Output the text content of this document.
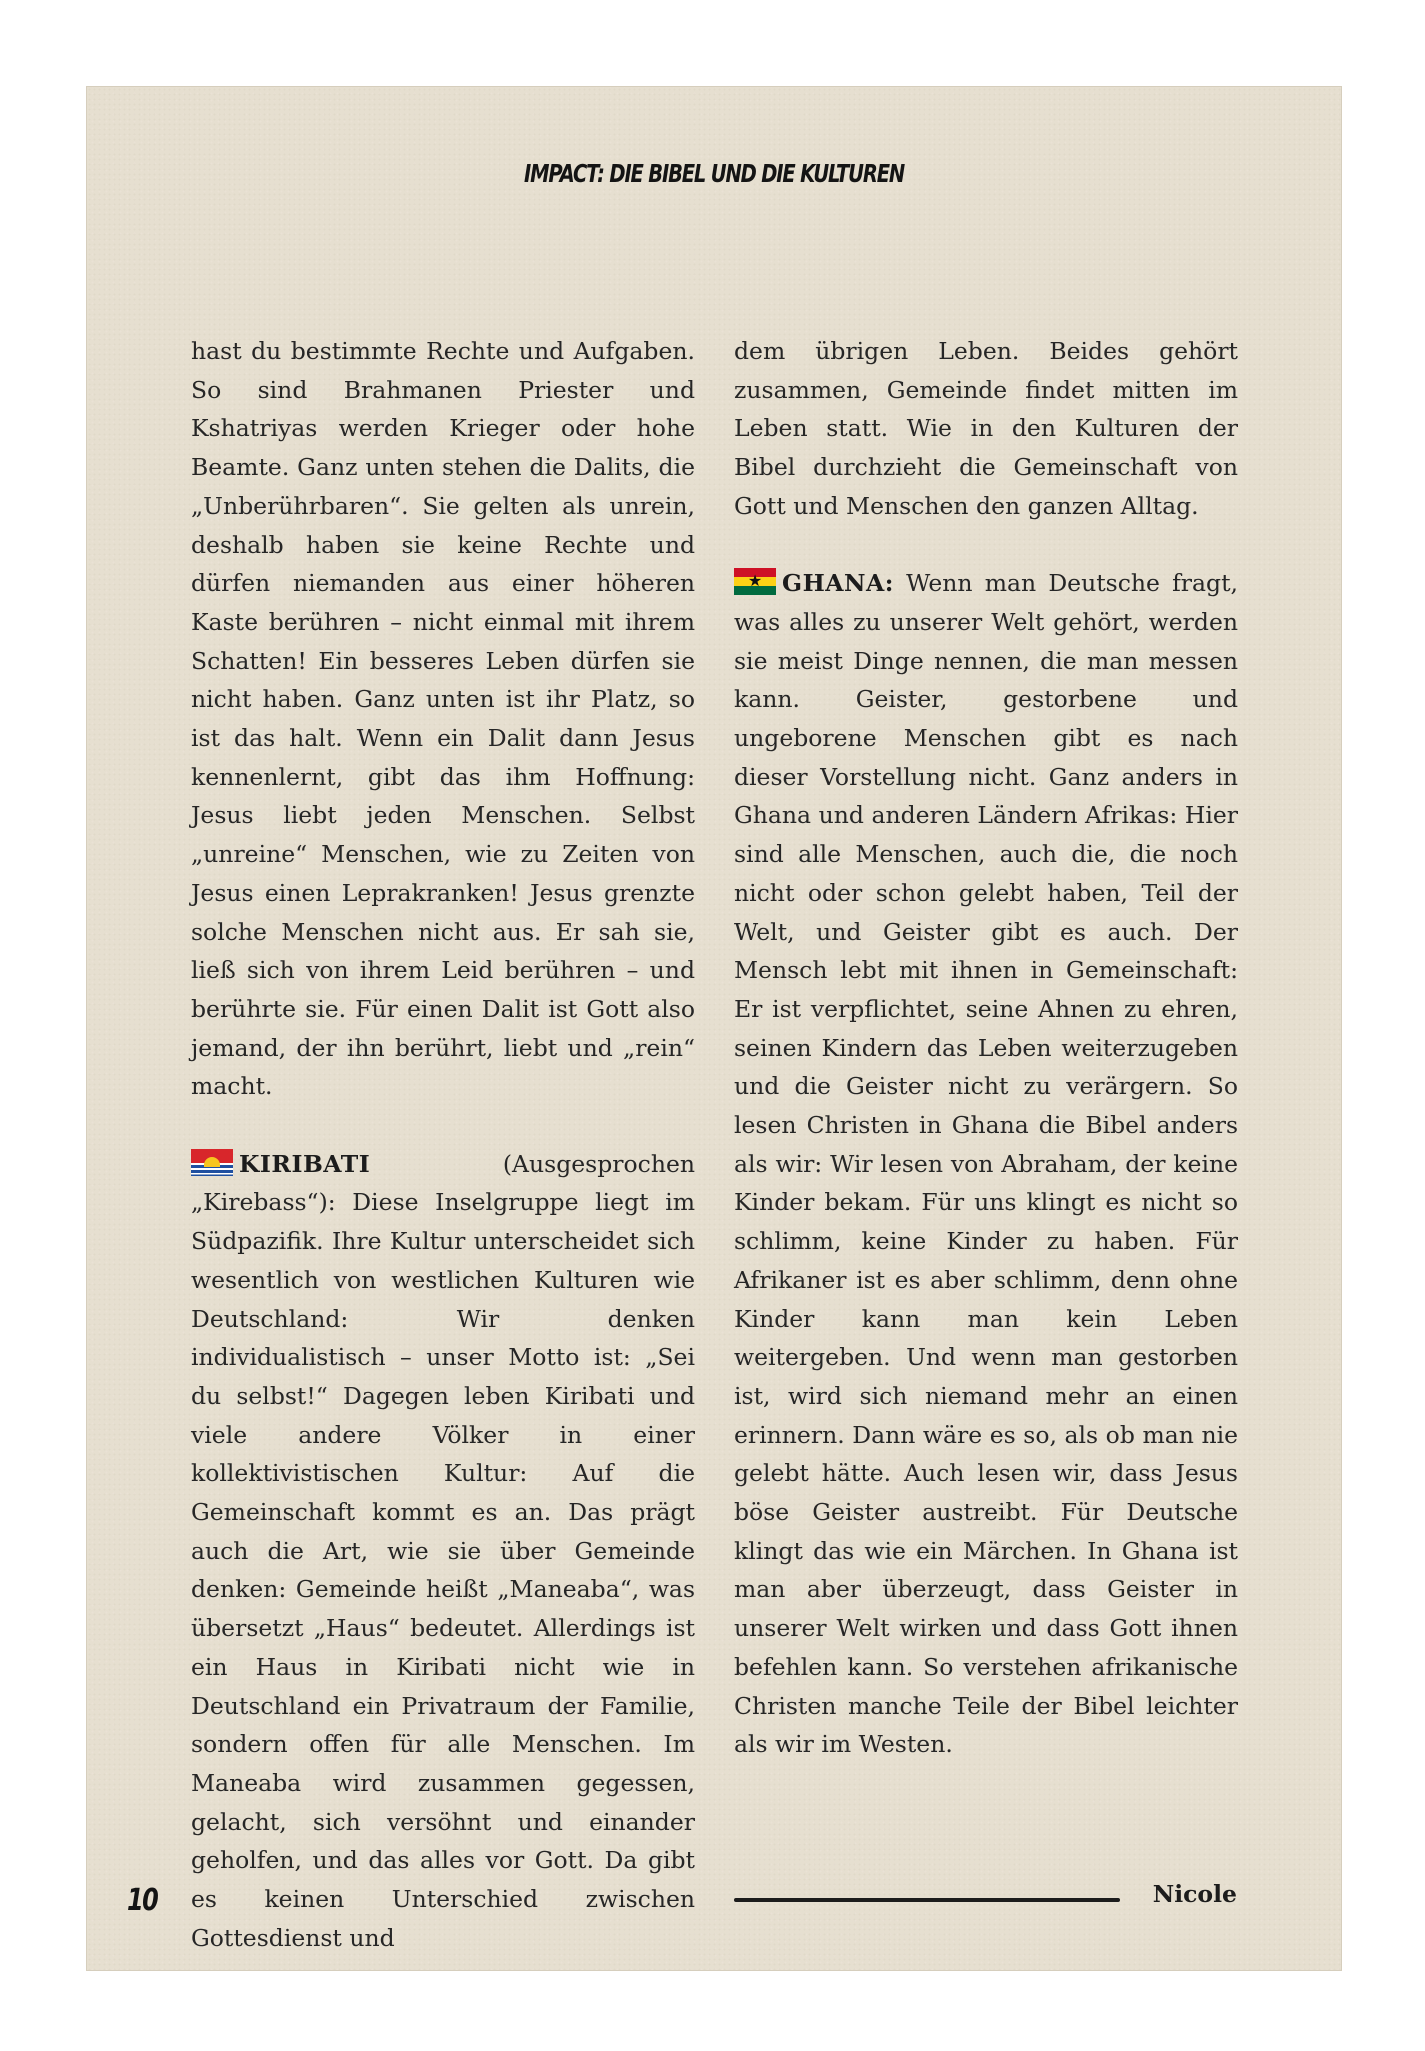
IMPACT: DIE BIBEL UND DIE KULTUREN

hast du bestimmte Rechte und Aufgaben. So sind Brahmanen Priester und Kshatriyas werden Krieger oder hohe Beamte. Ganz unten stehen die Dalits, die „Unberührbaren“. Sie gelten als unrein, deshalb haben sie keine Rechte und dürfen niemanden aus einer höheren Kaste berühren – nicht einmal mit ihrem Schatten! Ein besseres Leben dürfen sie nicht haben. Ganz unten ist ihr Platz, so ist das halt. Wenn ein Dalit dann Jesus kennenlernt, gibt das ihm Hoffnung: Jesus liebt jeden Menschen. Selbst „unreine“ Menschen, wie zu Zeiten von Jesus einen Leprakranken! Jesus grenzte solche Menschen nicht aus. Er sah sie, ließ sich von ihrem Leid berühren – und berührte sie. Für einen Dalit ist Gott also jemand, der ihn berührt, liebt und „rein“ macht.

KIRIBATI (Ausgesprochen „Kirebass“): Diese Inselgruppe liegt im Südpazifik. Ihre Kultur unterscheidet sich wesentlich von westlichen Kulturen wie Deutschland: Wir denken individualistisch – unser Motto ist: „Sei du selbst!“ Dagegen leben Kiribati und viele andere Völker in einer kollektivistischen Kultur: Auf die Gemeinschaft kommt es an. Das prägt auch die Art, wie sie über Gemeinde denken: Gemeinde heißt „Maneaba“, was übersetzt „Haus“ bedeutet. Allerdings ist ein Haus in Kiribati nicht wie in Deutschland ein Privatraum der Familie, sondern offen für alle Menschen. Im Maneaba wird zusammen gegessen, gelacht, sich versöhnt und einander geholfen, und das alles vor Gott. Da gibt es keinen Unterschied zwischen Gottesdienst und

dem übrigen Leben. Beides gehört zusammen, Gemeinde findet mitten im Leben statt. Wie in den Kulturen der Bibel durchzieht die Gemeinschaft von Gott und Menschen den ganzen Alltag.

★ GHANA: Wenn man Deutsche fragt, was alles zu unserer Welt gehört, werden sie meist Dinge nennen, die man messen kann. Geister, gestorbene und ungeborene Menschen gibt es nach dieser Vorstellung nicht. Ganz anders in Ghana und anderen Ländern Afrikas: Hier sind alle Menschen, auch die, die noch nicht oder schon gelebt haben, Teil der Welt, und Geister gibt es auch. Der Mensch lebt mit ihnen in Gemeinschaft: Er ist verpflichtet, seine Ahnen zu ehren, seinen Kindern das Leben weiterzugeben und die Geister nicht zu verärgern. So lesen Christen in Ghana die Bibel anders als wir: Wir lesen von Abraham, der keine Kinder bekam. Für uns klingt es nicht so schlimm, keine Kinder zu haben. Für Afrikaner ist es aber schlimm, denn ohne Kinder kann man kein Leben weitergeben. Und wenn man gestorben ist, wird sich niemand mehr an einen erinnern. Dann wäre es so, als ob man nie gelebt hätte. Auch lesen wir, dass Jesus böse Geister austreibt. Für Deutsche klingt das wie ein Märchen. In Ghana ist man aber überzeugt, dass Geister in unserer Welt wirken und dass Gott ihnen befehlen kann. So verstehen afrikanische Christen manche Teile der Bibel leichter als wir im Westen.

Nicole
10
